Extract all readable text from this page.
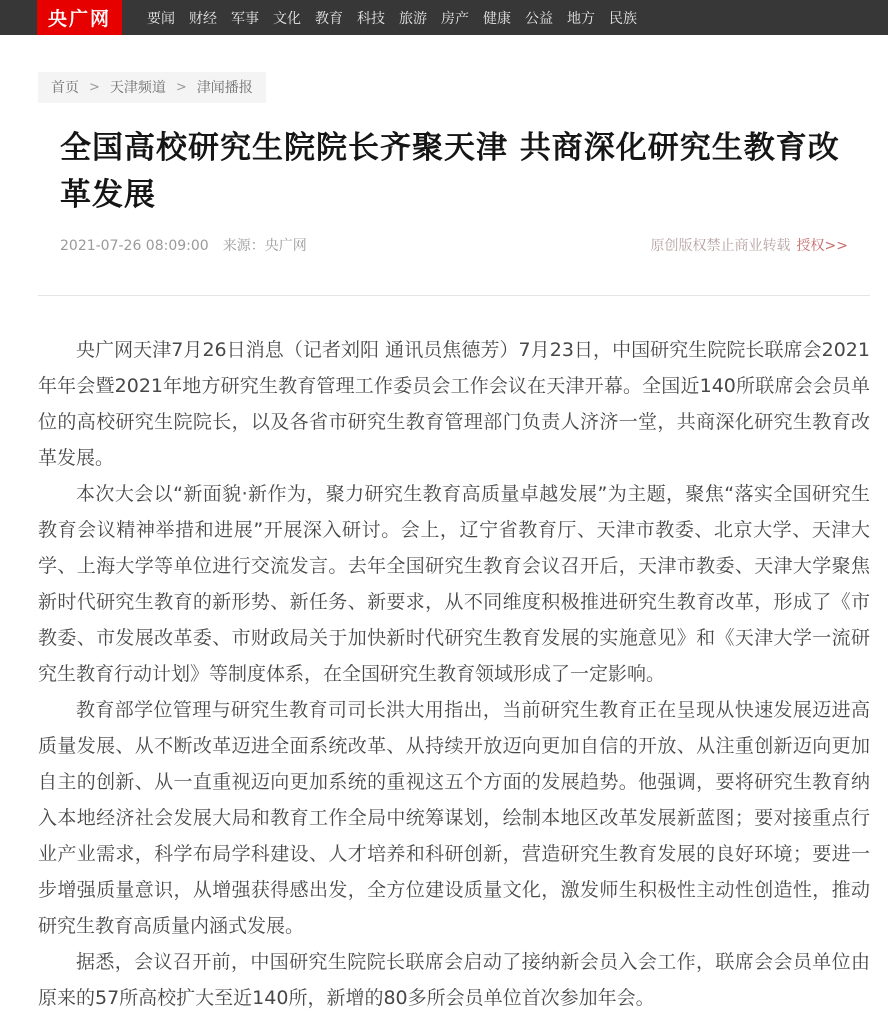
央广网	要闻 财经 军事 文化 教育 科技 旅游 房产 健康 公益 地方 民族
首页 > 天津频道 > 津闻播报
全国高校研究生院院长齐聚天津 共商深化研究生教育改革发展
2021-07-26 08:09:00 来源：央广网	原创版权禁止商业转载 授权>>

央广网天津7月26日消息（记者刘阳 通讯员焦德芳）7月23日，中国研究生院院长联席会2021年年会暨2021年地方研究生教育管理工作委员会工作会议在天津开幕。全国近140所联席会会员单位的高校研究生院院长，以及各省市研究生教育管理部门负责人济济一堂，共商深化研究生教育改革发展。

本次大会以“新面貌·新作为，聚力研究生教育高质量卓越发展”为主题，聚焦“落实全国研究生教育会议精神举措和进展”开展深入研讨。会上，辽宁省教育厅、天津市教委、北京大学、天津大学、上海大学等单位进行交流发言。去年全国研究生教育会议召开后，天津市教委、天津大学聚焦新时代研究生教育的新形势、新任务、新要求，从不同维度积极推进研究生教育改革，形成了《市教委、市发展改革委、市财政局关于加快新时代研究生教育发展的实施意见》和《天津大学一流研究生教育行动计划》等制度体系，在全国研究生教育领域形成了一定影响。

教育部学位管理与研究生教育司司长洪大用指出，当前研究生教育正在呈现从快速发展迈进高质量发展、从不断改革迈进全面系统改革、从持续开放迈向更加自信的开放、从注重创新迈向更加自主的创新、从一直重视迈向更加系统的重视这五个方面的发展趋势。他强调，要将研究生教育纳入本地经济社会发展大局和教育工作全局中统筹谋划，绘制本地区改革发展新蓝图；要对接重点行业产业需求，科学布局学科建设、人才培养和科研创新，营造研究生教育发展的良好环境；要进一步增强质量意识，从增强获得感出发，全方位建设质量文化，激发师生积极性主动性创造性，推动研究生教育高质量内涵式发展。

据悉，会议召开前，中国研究生院院长联席会启动了接纳新会员入会工作，联席会会员单位由原来的57所高校扩大至近140所，新增的80多所会员单位首次参加年会。
